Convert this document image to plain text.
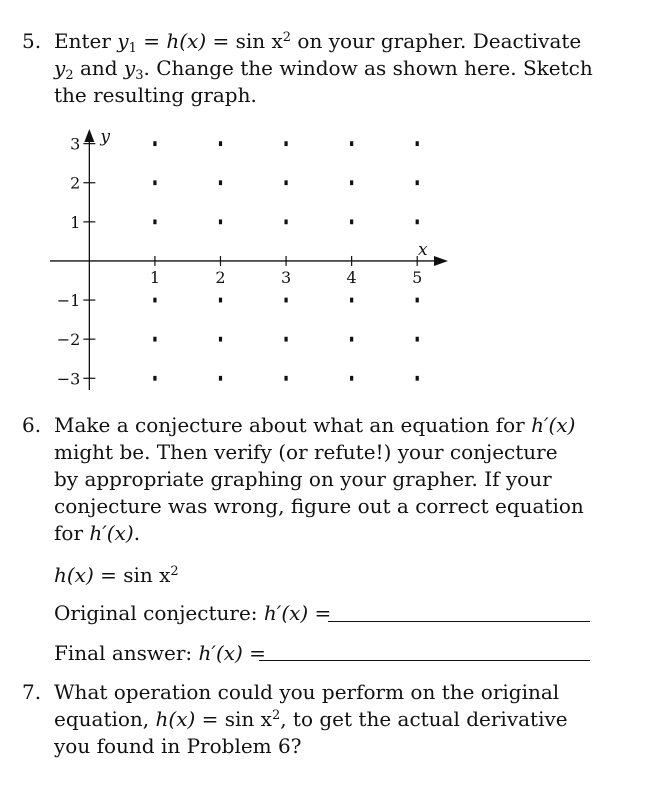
5. Enter $y_1 = h(x) = \sin x^2$ on your grapher. Deactivate
$y_2$ and $y_3$. Change the window as shown here. Sketch
the resulting graph.
y
x
1	2	3	4	5
3
2
1
−1
−2
−3
6. Make a conjecture about what an equation for h′(x)
might be. Then verify (or refute!) your conjecture
by appropriate graphing on your grapher. If your
conjecture was wrong, figure out a correct equation
for h′(x).
$h(x) = \sin x^2$
Original conjecture: h′(x) =
Final answer: h′(x) =
7. What operation could you perform on the original
equation, $h(x) = \sin x^2$, to get the actual derivative
you found in Problem 6?
